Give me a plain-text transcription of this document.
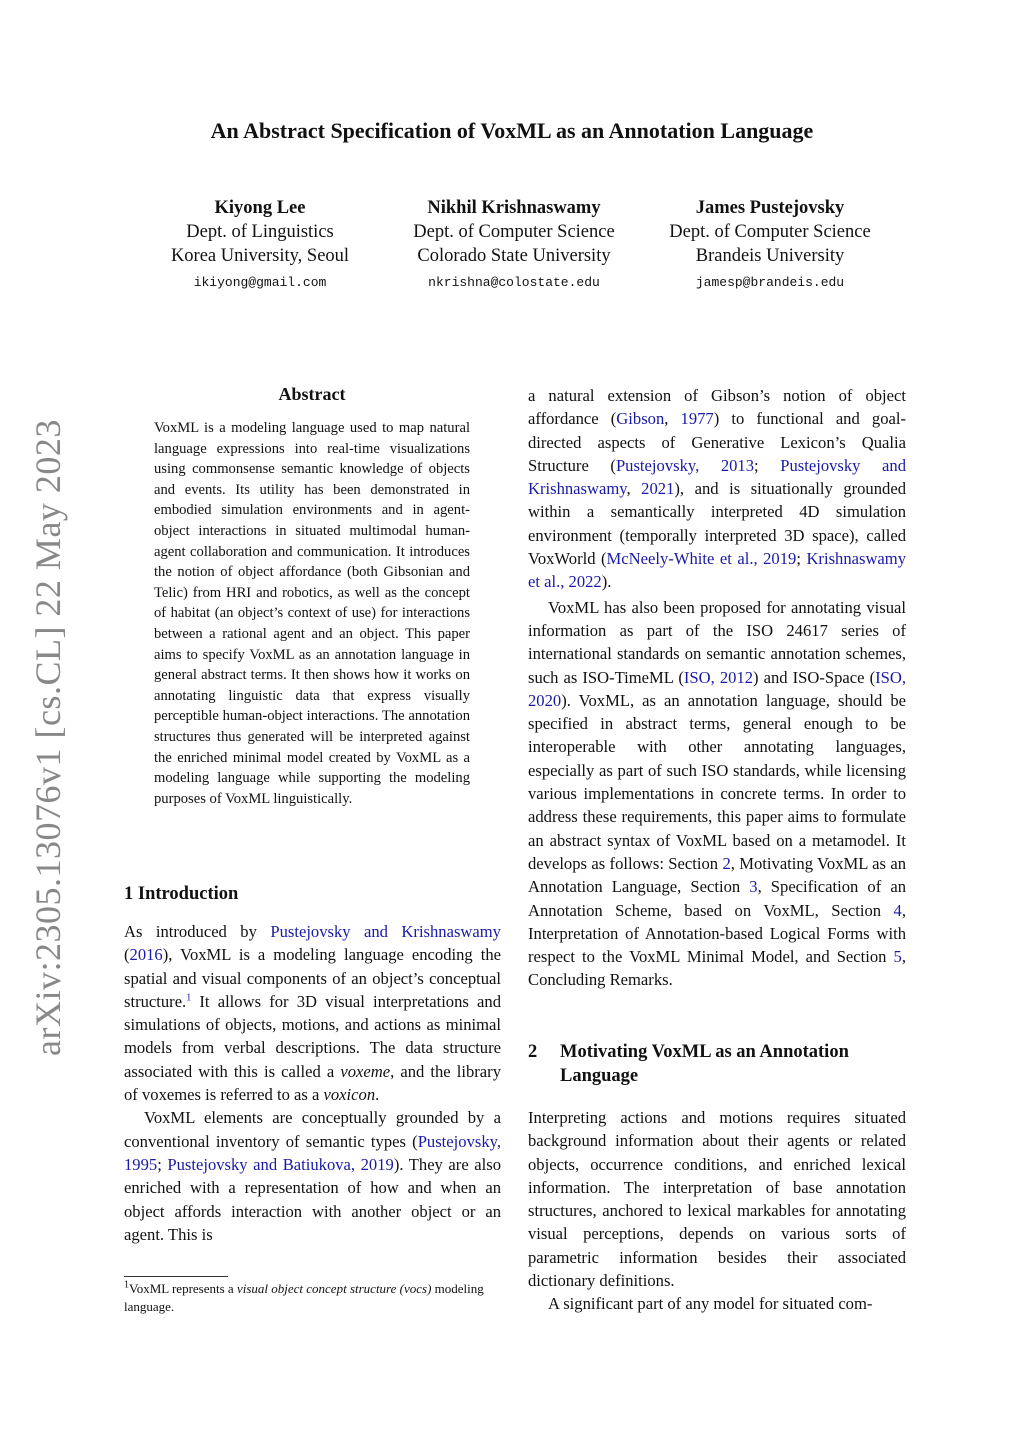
An Abstract Specification of VoxML as an Annotation Language
Kiyong Lee
Dept. of Linguistics
Korea University, Seoul
ikiyong@gmail.com
Nikhil Krishnaswamy
Dept. of Computer Science
Colorado State University
nkrishna@colostate.edu
James Pustejovsky
Dept. of Computer Science
Brandeis University
jamesp@brandeis.edu
arXiv:2305.13076v1 [cs.CL] 22 May 2023
Abstract
VoxML is a modeling language used to map natural language expressions into real-time visualizations using commonsense semantic knowledge of objects and events. Its utility has been demonstrated in embodied simulation environments and in agent-object interactions in situated multimodal human-agent collaboration and communication. It introduces the notion of object affordance (both Gibsonian and Telic) from HRI and robotics, as well as the concept of habitat (an object’s context of use) for interactions between a rational agent and an object. This paper aims to specify VoxML as an annotation language in general abstract terms. It then shows how it works on annotating linguistic data that express visually perceptible human-object interactions. The annotation structures thus generated will be interpreted against the enriched minimal model created by VoxML as a modeling language while supporting the modeling purposes of VoxML linguistically.
1 Introduction

As introduced by Pustejovsky and Krishnaswamy (2016), VoxML is a modeling language encoding the spatial and visual components of an object’s conceptual structure.$^1$ It allows for 3D visual interpretations and simulations of objects, motions, and actions as minimal models from verbal descriptions. The data structure associated with this is called a voxeme, and the library of voxemes is referred to as a voxicon.

VoxML elements are conceptually grounded by a conventional inventory of semantic types (Pustejovsky, 1995; Pustejovsky and Batiukova, 2019). They are also enriched with a representation of how and when an object affords interaction with another object or an agent. This is

$^1$VoxML represents a visual object concept structure (vocs) modeling language.

a natural extension of Gibson’s notion of object affordance (Gibson, 1977) to functional and goal-directed aspects of Generative Lexicon’s Qualia Structure (Pustejovsky, 2013; Pustejovsky and Krishnaswamy, 2021), and is situationally grounded within a semantically interpreted 4D simulation environment (temporally interpreted 3D space), called VoxWorld (McNeely-White et al., 2019; Krishnaswamy et al., 2022).

VoxML has also been proposed for annotating visual information as part of the ISO 24617 series of international standards on semantic annotation schemes, such as ISO-TimeML (ISO, 2012) and ISO-Space (ISO, 2020). VoxML, as an annotation language, should be specified in abstract terms, general enough to be interoperable with other annotating languages, especially as part of such ISO standards, while licensing various implementations in concrete terms. In order to address these requirements, this paper aims to formulate an abstract syntax of VoxML based on a metamodel. It develops as follows: Section 2, Motivating VoxML as an Annotation Language, Section 3, Specification of an Annotation Scheme, based on VoxML, Section 4, Interpretation of Annotation-based Logical Forms with respect to the VoxML Minimal Model, and Section 5, Concluding Remarks.

2 Motivating VoxML as an Annotation
Language

Interpreting actions and motions requires situated background information about their agents or related objects, occurrence conditions, and enriched lexical information. The interpretation of base annotation structures, anchored to lexical markables for annotating visual perceptions, depends on various sorts of parametric information besides their associated dictionary definitions.

A significant part of any model for situated com-
